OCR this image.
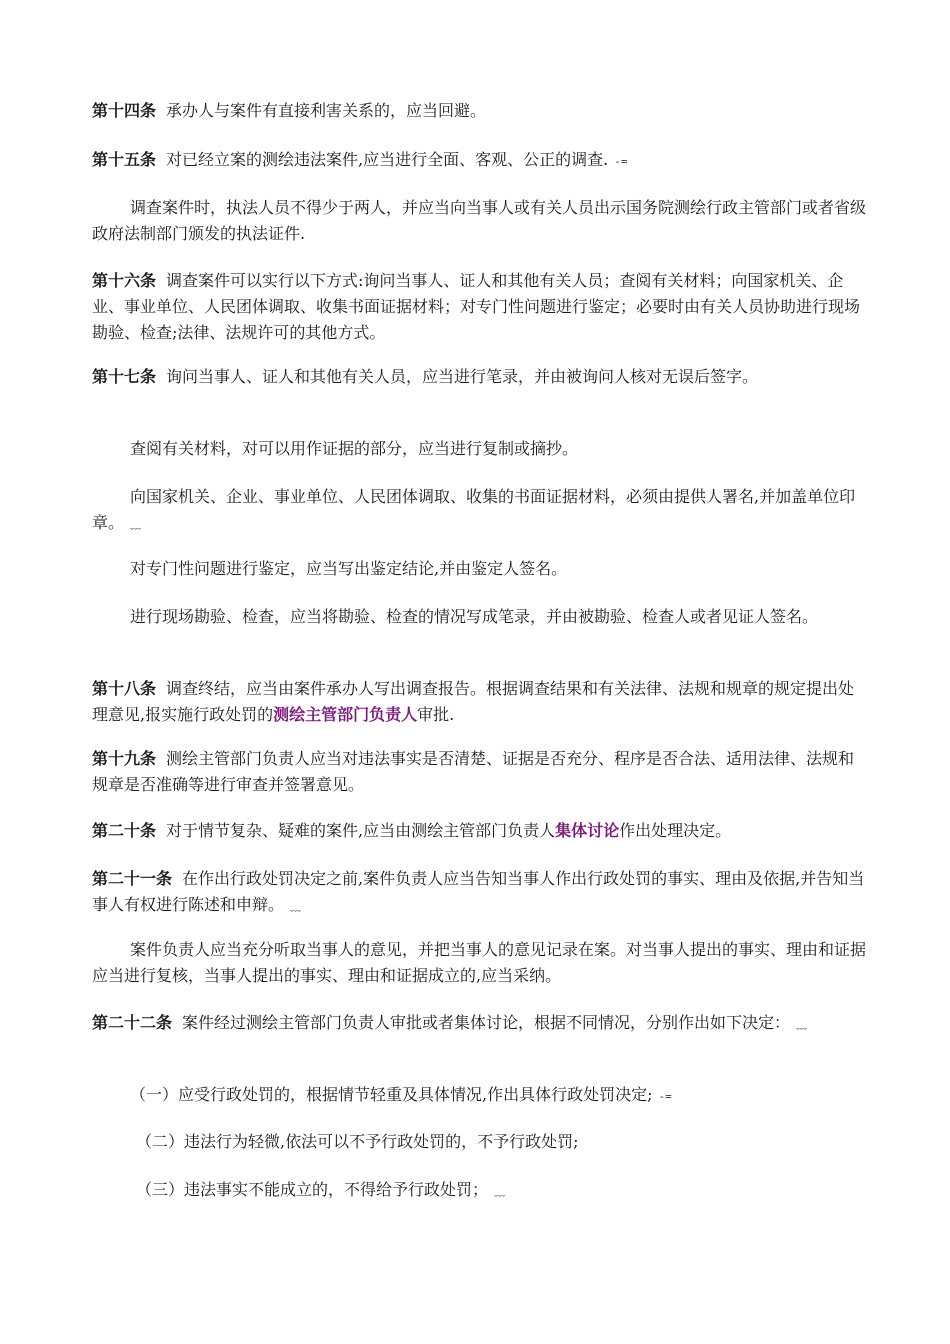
第十四条 承办人与案件有直接利害关系的，应当回避。

第十五条 对已经立案的测绘违法案件,应当进行全面、客观、公正的调查. -=

调查案件时，执法人员不得少于两人，并应当向当事人或有关人员出示国务院测绘行政主管部门或者省级政府法制部门颁发的执法证件.

第十六条 调查案件可以实行以下方式:询问当事人、证人和其他有关人员；查阅有关材料；向国家机关、企业、事业单位、人民团体调取、收集书面证据材料；对专门性问题进行鉴定；必要时由有关人员协助进行现场勘验、检查;法律、法规许可的其他方式。

第十七条 询问当事人、证人和其他有关人员，应当进行笔录，并由被询问人核对无误后签字。

查阅有关材料，对可以用作证据的部分，应当进行复制或摘抄。

向国家机关、企业、事业单位、人民团体调取、收集的书面证据材料，必须由提供人署名,并加盖单位印章。 ﹏

对专门性问题进行鉴定，应当写出鉴定结论,并由鉴定人签名。

进行现场勘验、检查，应当将勘验、检查的情况写成笔录，并由被勘验、检查人或者见证人签名。

第十八条 调查终结，应当由案件承办人写出调查报告。根据调查结果和有关法律、法规和规章的规定提出处理意见,报实施行政处罚的测绘主管部门负责人审批.

第十九条 测绘主管部门负责人应当对违法事实是否清楚、证据是否充分、程序是否合法、适用法律、法规和规章是否准确等进行审查并签署意见。

第二十条 对于情节复杂、疑难的案件,应当由测绘主管部门负责人集体讨论作出处理决定。

第二十一条 在作出行政处罚决定之前,案件负责人应当告知当事人作出行政处罚的事实、理由及依据,并告知当事人有权进行陈述和申辩。 ﹏

案件负责人应当充分听取当事人的意见，并把当事人的意见记录在案。对当事人提出的事实、理由和证据应当进行复核，当事人提出的事实、理由和证据成立的,应当采纳。

第二十二条 案件经过测绘主管部门负责人审批或者集体讨论，根据不同情况，分别作出如下决定： ﹏

（一）应受行政处罚的，根据情节轻重及具体情况,作出具体行政处罚决定; -=

（二）违法行为轻微,依法可以不予行政处罚的，不予行政处罚;

（三）违法事实不能成立的，不得给予行政处罚； ﹏
